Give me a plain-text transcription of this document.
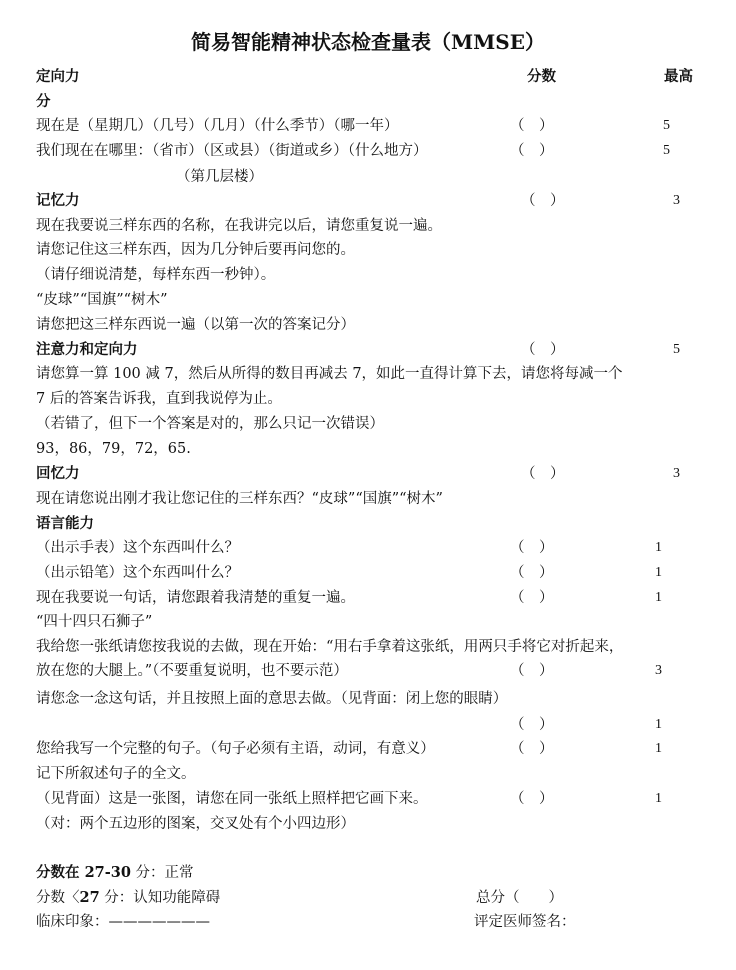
简易智能精神状态检查量表（MMSE）
定向力	分数	最高
分
现在是（星期几）（几号）（几月）（什么季节）（哪一年）	（　）	5
我们现在在哪里：（省市）（区或县）（街道或乡）（什么地方）	（　）	5
（第几层楼）
记忆力	（　）	3
现在我要说三样东西的名称，在我讲完以后，请您重复说一遍。
请您记住这三样东西，因为几分钟后要再问您的。
（请仔细说清楚，每样东西一秒钟）。
“皮球”“国旗”“树木”
请您把这三样东西说一遍（以第一次的答案记分）
注意力和定向力	（　）	5
请您算一算 100 减 7，然后从所得的数目再减去 7，如此一直得计算下去，请您将每减一个
7 后的答案告诉我，直到我说停为止。
（若错了，但下一个答案是对的，那么只记一次错误）
93，86，79，72，65.
回忆力	（　）	3
现在请您说出刚才我让您记住的三样东西？“皮球”“国旗”“树木”
语言能力
（出示手表）这个东西叫什么？	（　）	1
（出示铅笔）这个东西叫什么？	（　）	1
现在我要说一句话，请您跟着我清楚的重复一遍。	（　）	1
“四十四只石狮子”
我给您一张纸请您按我说的去做，现在开始：“用右手拿着这张纸，用两只手将它对折起来，
放在您的大腿上。”（不要重复说明，也不要示范）	（　）	3
请您念一念这句话，并且按照上面的意思去做。（见背面：闭上您的眼睛）
（　）	1
您给我写一个完整的句子。（句子必须有主语，动词，有意义）	（　）	1
记下所叙述句子的全文。
（见背面）这是一张图，请您在同一张纸上照样把它画下来。	（　）	1
（对：两个五边形的图案，交叉处有个小四边形）
分数在 27-30 分：正常
分数〈27 分：认知功能障碍	总分（　　）
临床印象：———————	评定医师签名：
